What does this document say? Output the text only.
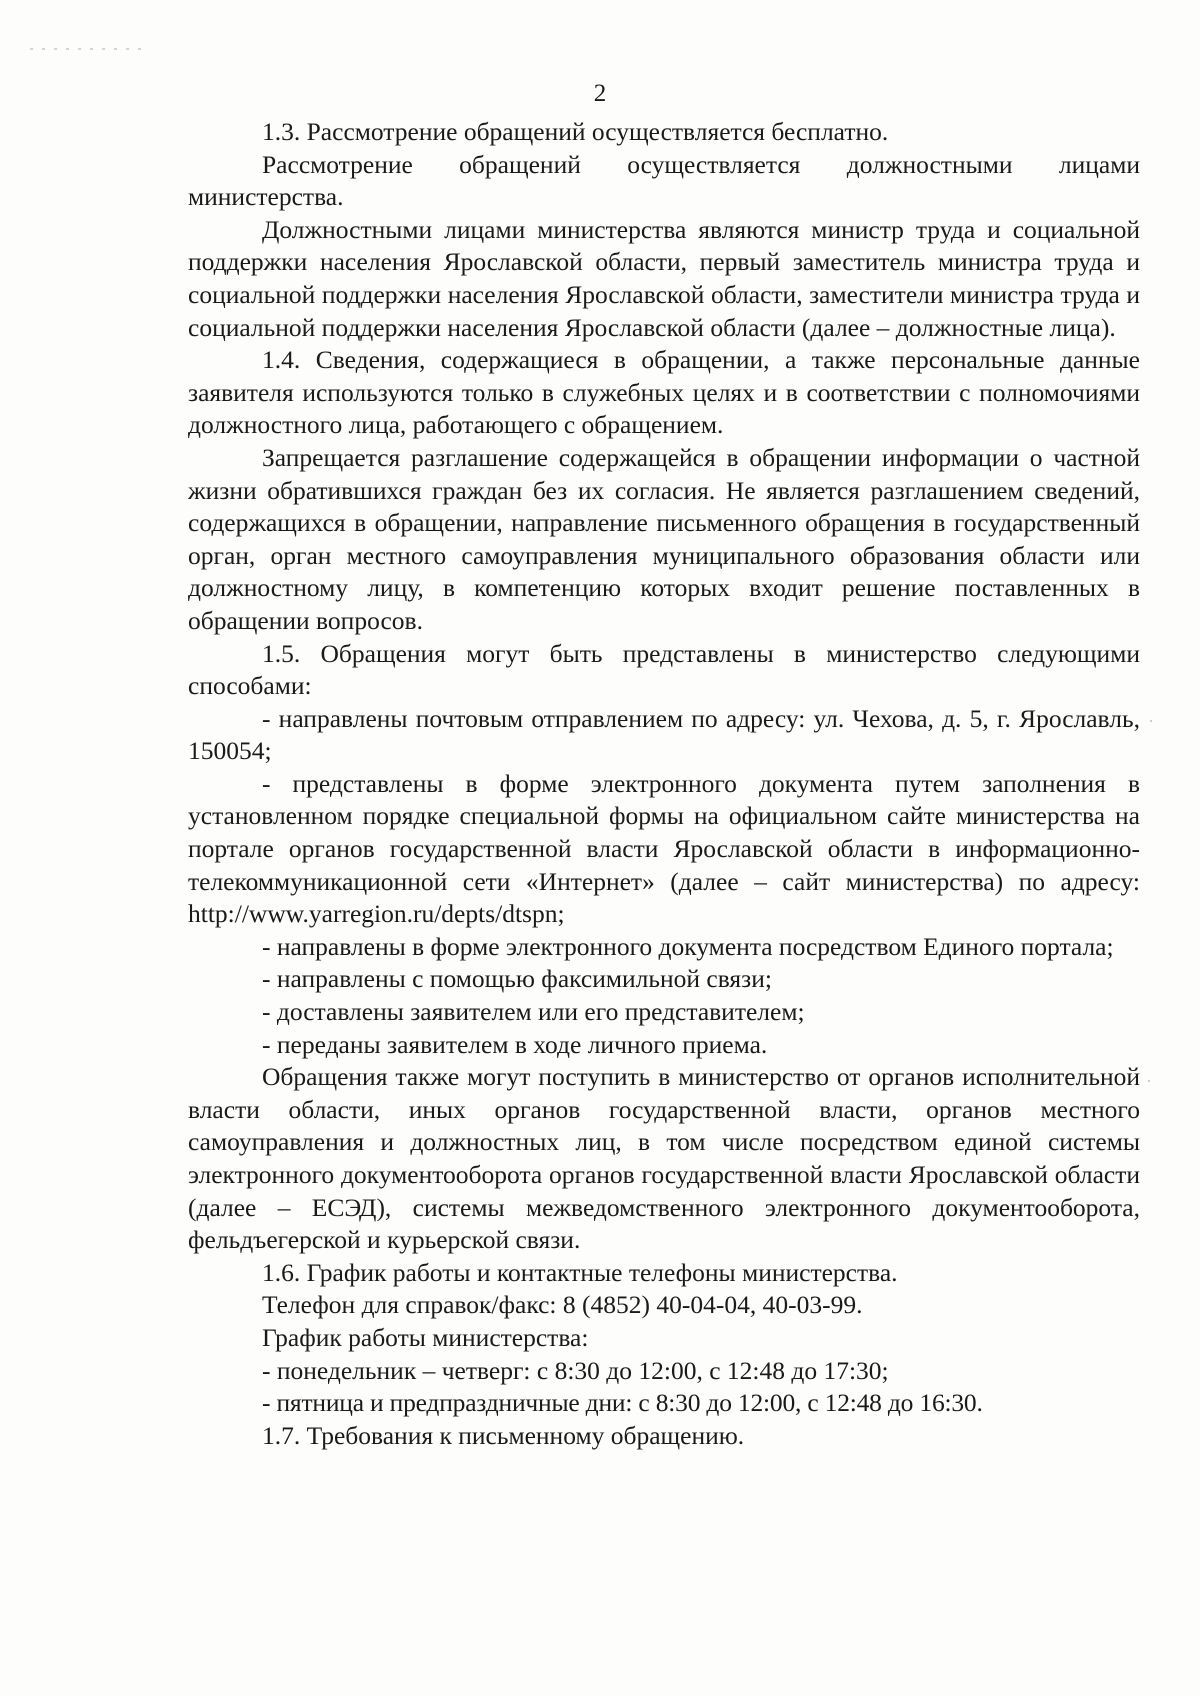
2

1.3. Рассмотрение обращений осуществляется бесплатно.

Рассмотрение обращений осуществляется должностными лицами министерства.

Должностными лицами министерства являются министр труда и социальной поддержки населения Ярославской области, первый заместитель министра труда и социальной поддержки населения Ярославской области, заместители министра труда и социальной поддержки населения Ярославской области (далее – должностные лица).

1.4. Сведения, содержащиеся в обращении, а также персональные данные заявителя используются только в служебных целях и в соответствии с полномочиями должностного лица, работающего с обращением.

Запрещается разглашение содержащейся в обращении информации о частной жизни обратившихся граждан без их согласия. Не является разглашением сведений, содержащихся в обращении, направление письменного обращения в государственный орган, орган местного самоуправления муниципального образования области или должностному лицу, в компетенцию которых входит решение поставленных в обращении вопросов.

1.5. Обращения могут быть представлены в министерство следующими способами:

- направлены почтовым отправлением по адресу: ул. Чехова, д. 5, г. Ярославль, 150054;

- представлены в форме электронного документа путем заполнения в установленном порядке специальной формы на официальном сайте министерства на портале органов государственной власти Ярославской области в информационно-телекоммуникационной сети «Интернет» (далее – сайт министерства) по адресу: http://www.yarregion.ru/depts/dtspn;

- направлены в форме электронного документа посредством Единого портала;

- направлены с помощью факсимильной связи;

- доставлены заявителем или его представителем;

- переданы заявителем в ходе личного приема.

Обращения также могут поступить в министерство от органов исполнительной власти области, иных органов государственной власти, органов местного самоуправления и должностных лиц, в том числе посредством единой системы электронного документооборота органов государственной власти Ярославской области (далее – ЕСЭД), системы межведомственного электронного документооборота, фельдъегерской и курьерской связи.

1.6. График работы и контактные телефоны министерства.

Телефон для справок/факс: 8 (4852) 40-04-04, 40-03-99.

График работы министерства:

- понедельник – четверг: с 8:30 до 12:00, с 12:48 до 17:30;

- пятница и предпраздничные дни: с 8:30 до 12:00, с 12:48 до 16:30.

1.7. Требования к письменному обращению.
